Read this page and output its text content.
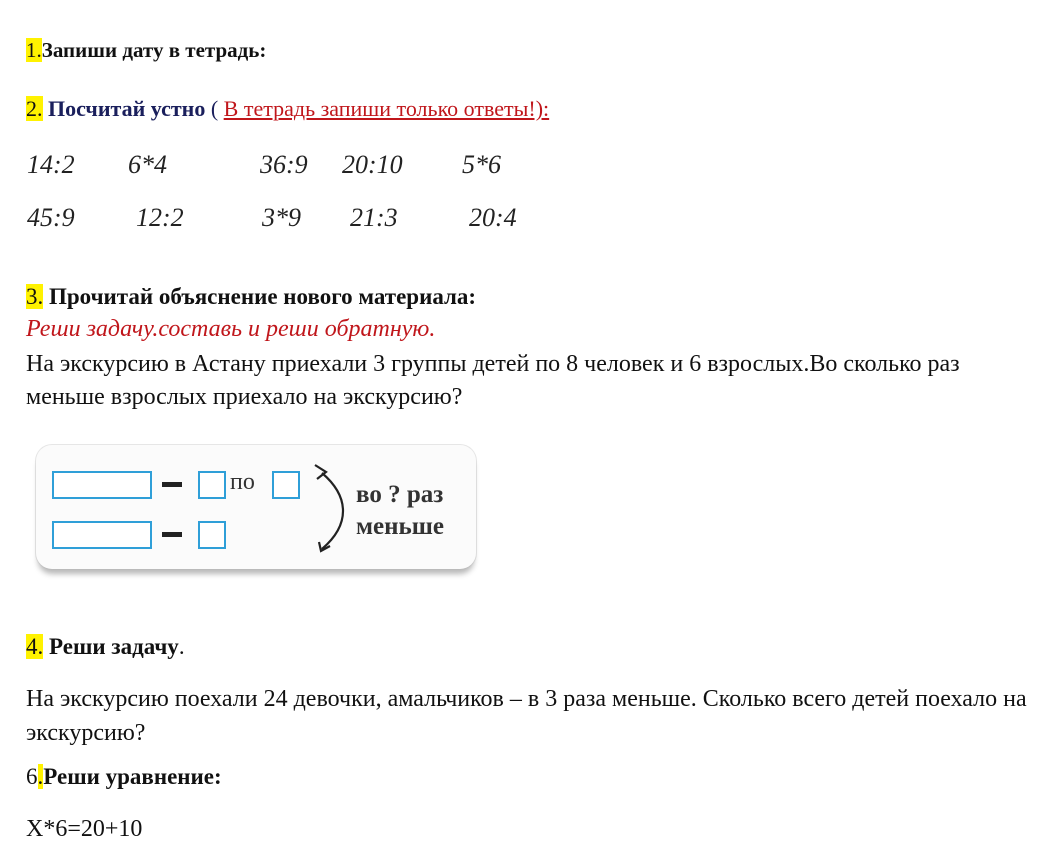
1.Запиши дату в тетрадь:
2. Посчитай устно ( В тетрадь запиши только ответы!):
14:2 6*4	36:9 20:10 5*6
45:9 12:2	3*9 21:3	20:4
3. Прочитай объяснение нового материала:
Реши задачу.составь и реши обратную.
На экскурсию в Астану приехали 3 группы детей по 8 человек и 6 взрослых.Во сколько раз меньше взрослых приехало на экскурсию?
по	во ? раз
меньше
4. Реши задачу.
На экскурсию поехали 24 девочки, амальчиков – в 3 раза меньше. Сколько всего детей поехало на экскурсию?
6.Реши уравнение:
X*6=20+10
